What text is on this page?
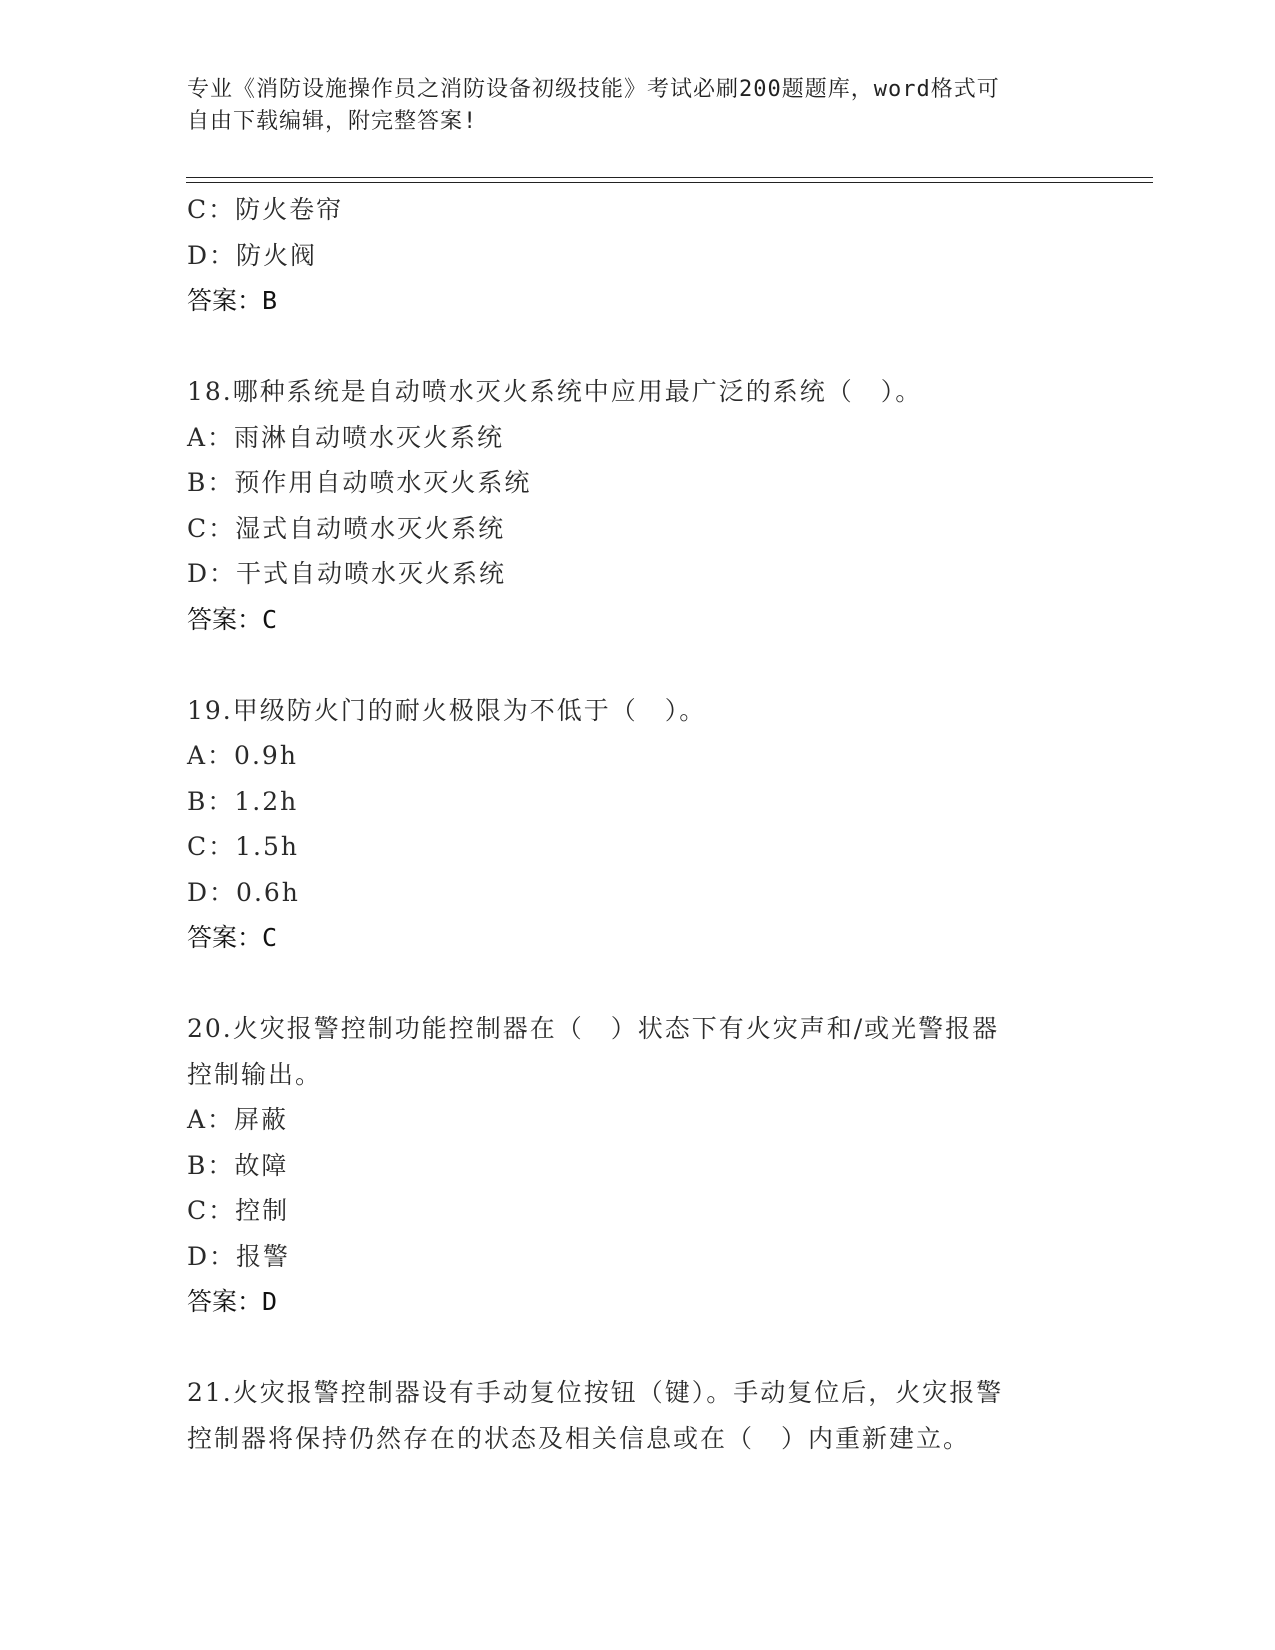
专业《消防设施操作员之消防设备初级技能》考试必刷200题题库，word格式可
自由下载编辑，附完整答案!
C：防火卷帘
D：防火阀
答案：B
18.哪种系统是自动喷水灭火系统中应用最广泛的系统（　）。
A：雨淋自动喷水灭火系统
B：预作用自动喷水灭火系统
C：湿式自动喷水灭火系统
D：干式自动喷水灭火系统
答案：C
19.甲级防火门的耐火极限为不低于（　）。
A：0.9h
B：1.2h
C：1.5h
D：0.6h
答案：C
20.火灾报警控制功能控制器在（　）状态下有火灾声和/或光警报器
控制输出。
A：屏蔽
B：故障
C：控制
D：报警
答案：D
21.火灾报警控制器设有手动复位按钮（键）。手动复位后，火灾报警
控制器将保持仍然存在的状态及相关信息或在（　）内重新建立。
